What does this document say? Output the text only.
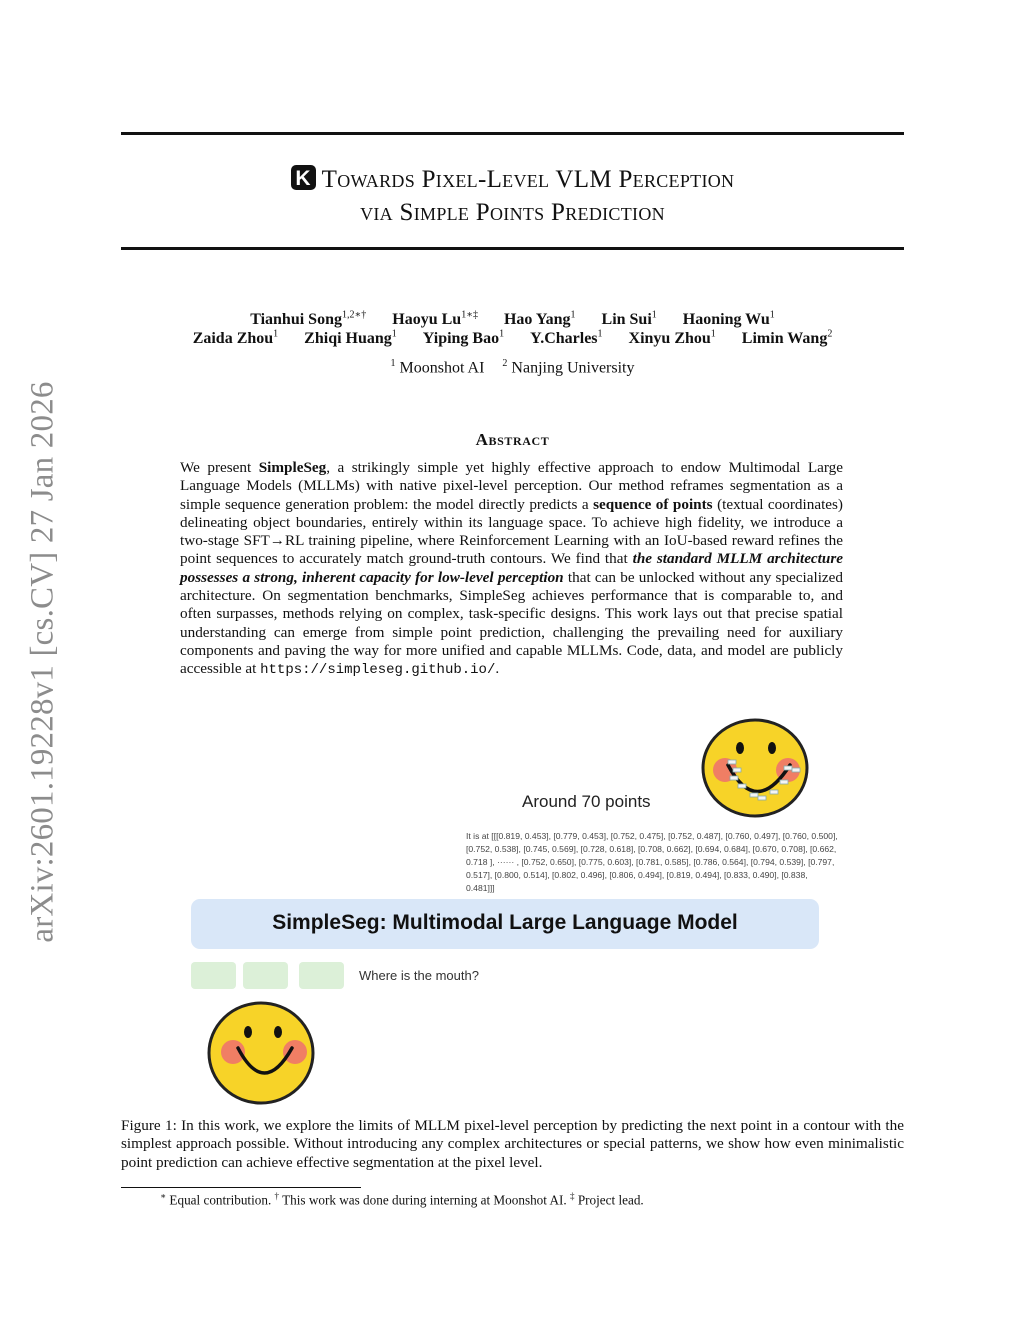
arXiv:2601.19228v1 [cs.CV] 27 Jan 2026
K Towards Pixel-Level VLM Perception
via Simple Points Prediction
Tianhui Song$^{1,2∗\dagger}$ Haoyu $Lu^{1∗\ddagger}$ Hao Yang$^1$ Lin Sui$^1$ Haoning Wu$^1$
Zaida Zhou$^1$ Zhiqi Huang$^1$ Yiping Bao$^1$ Y.Charles$^1$ Xinyu Zhou$^1$ Limin Wang$^2$
$^1$ Moonshot AI $^2$ Nanjing University
Abstract
We present SimpleSeg, a strikingly simple yet highly effective approach to endow Multimodal Large Language Models (MLLMs) with native pixel-level perception. Our method reframes segmentation as a simple sequence generation problem: the model directly predicts a sequence of points (textual coordinates) delineating object boundaries, entirely within its language space. To achieve high fidelity, we introduce a two-stage SFT→RL training pipeline, where Reinforcement Learning with an IoU-based reward refines the point sequences to accurately match ground-truth contours. We find that the standard MLLM architecture possesses a strong, inherent capacity for low-level perception that can be unlocked without any specialized architecture. On segmentation benchmarks, SimpleSeg achieves performance that is comparable to, and often surpasses, methods relying on complex, task-specific designs. This work lays out that precise spatial understanding can emerge from simple point prediction, challenging the prevailing need for auxiliary components and paving the way for more unified and capable MLLMs. Code, data, and model are publicly accessible at https://simpleseg.github.io/.
Around 70 points
It is at [[[0.819, 0.453], [0.779, 0.453], [0.752, 0.475], [0.752, 0.487], [0.760, 0.497], [0.760, 0.500], [0.752, 0.538], [0.745, 0.569], [0.728, 0.618], [0.708, 0.662], [0.694, 0.684], [0.670, 0.708], [0.662, 0.718 ], ······ , [0.752, 0.650], [0.775, 0.603], [0.781, 0.585], [0.786, 0.564], [0.794, 0.539], [0.797, 0.517], [0.800, 0.514], [0.802, 0.496], [0.806, 0.494], [0.819, 0.494], [0.833, 0.490], [0.838, 0.481]]]
SimpleSeg: Multimodal Large Language Model
Where is the mouth?
Figure 1: In this work, we explore the limits of MLLM pixel-level perception by predicting the next point in a contour with the simplest approach possible. Without introducing any complex architectures or special patterns, we show how even minimalistic point prediction can achieve effective segmentation at the pixel level.
∗ Equal contribution. † This work was done during interning at Moonshot AI. ‡ Project lead.
